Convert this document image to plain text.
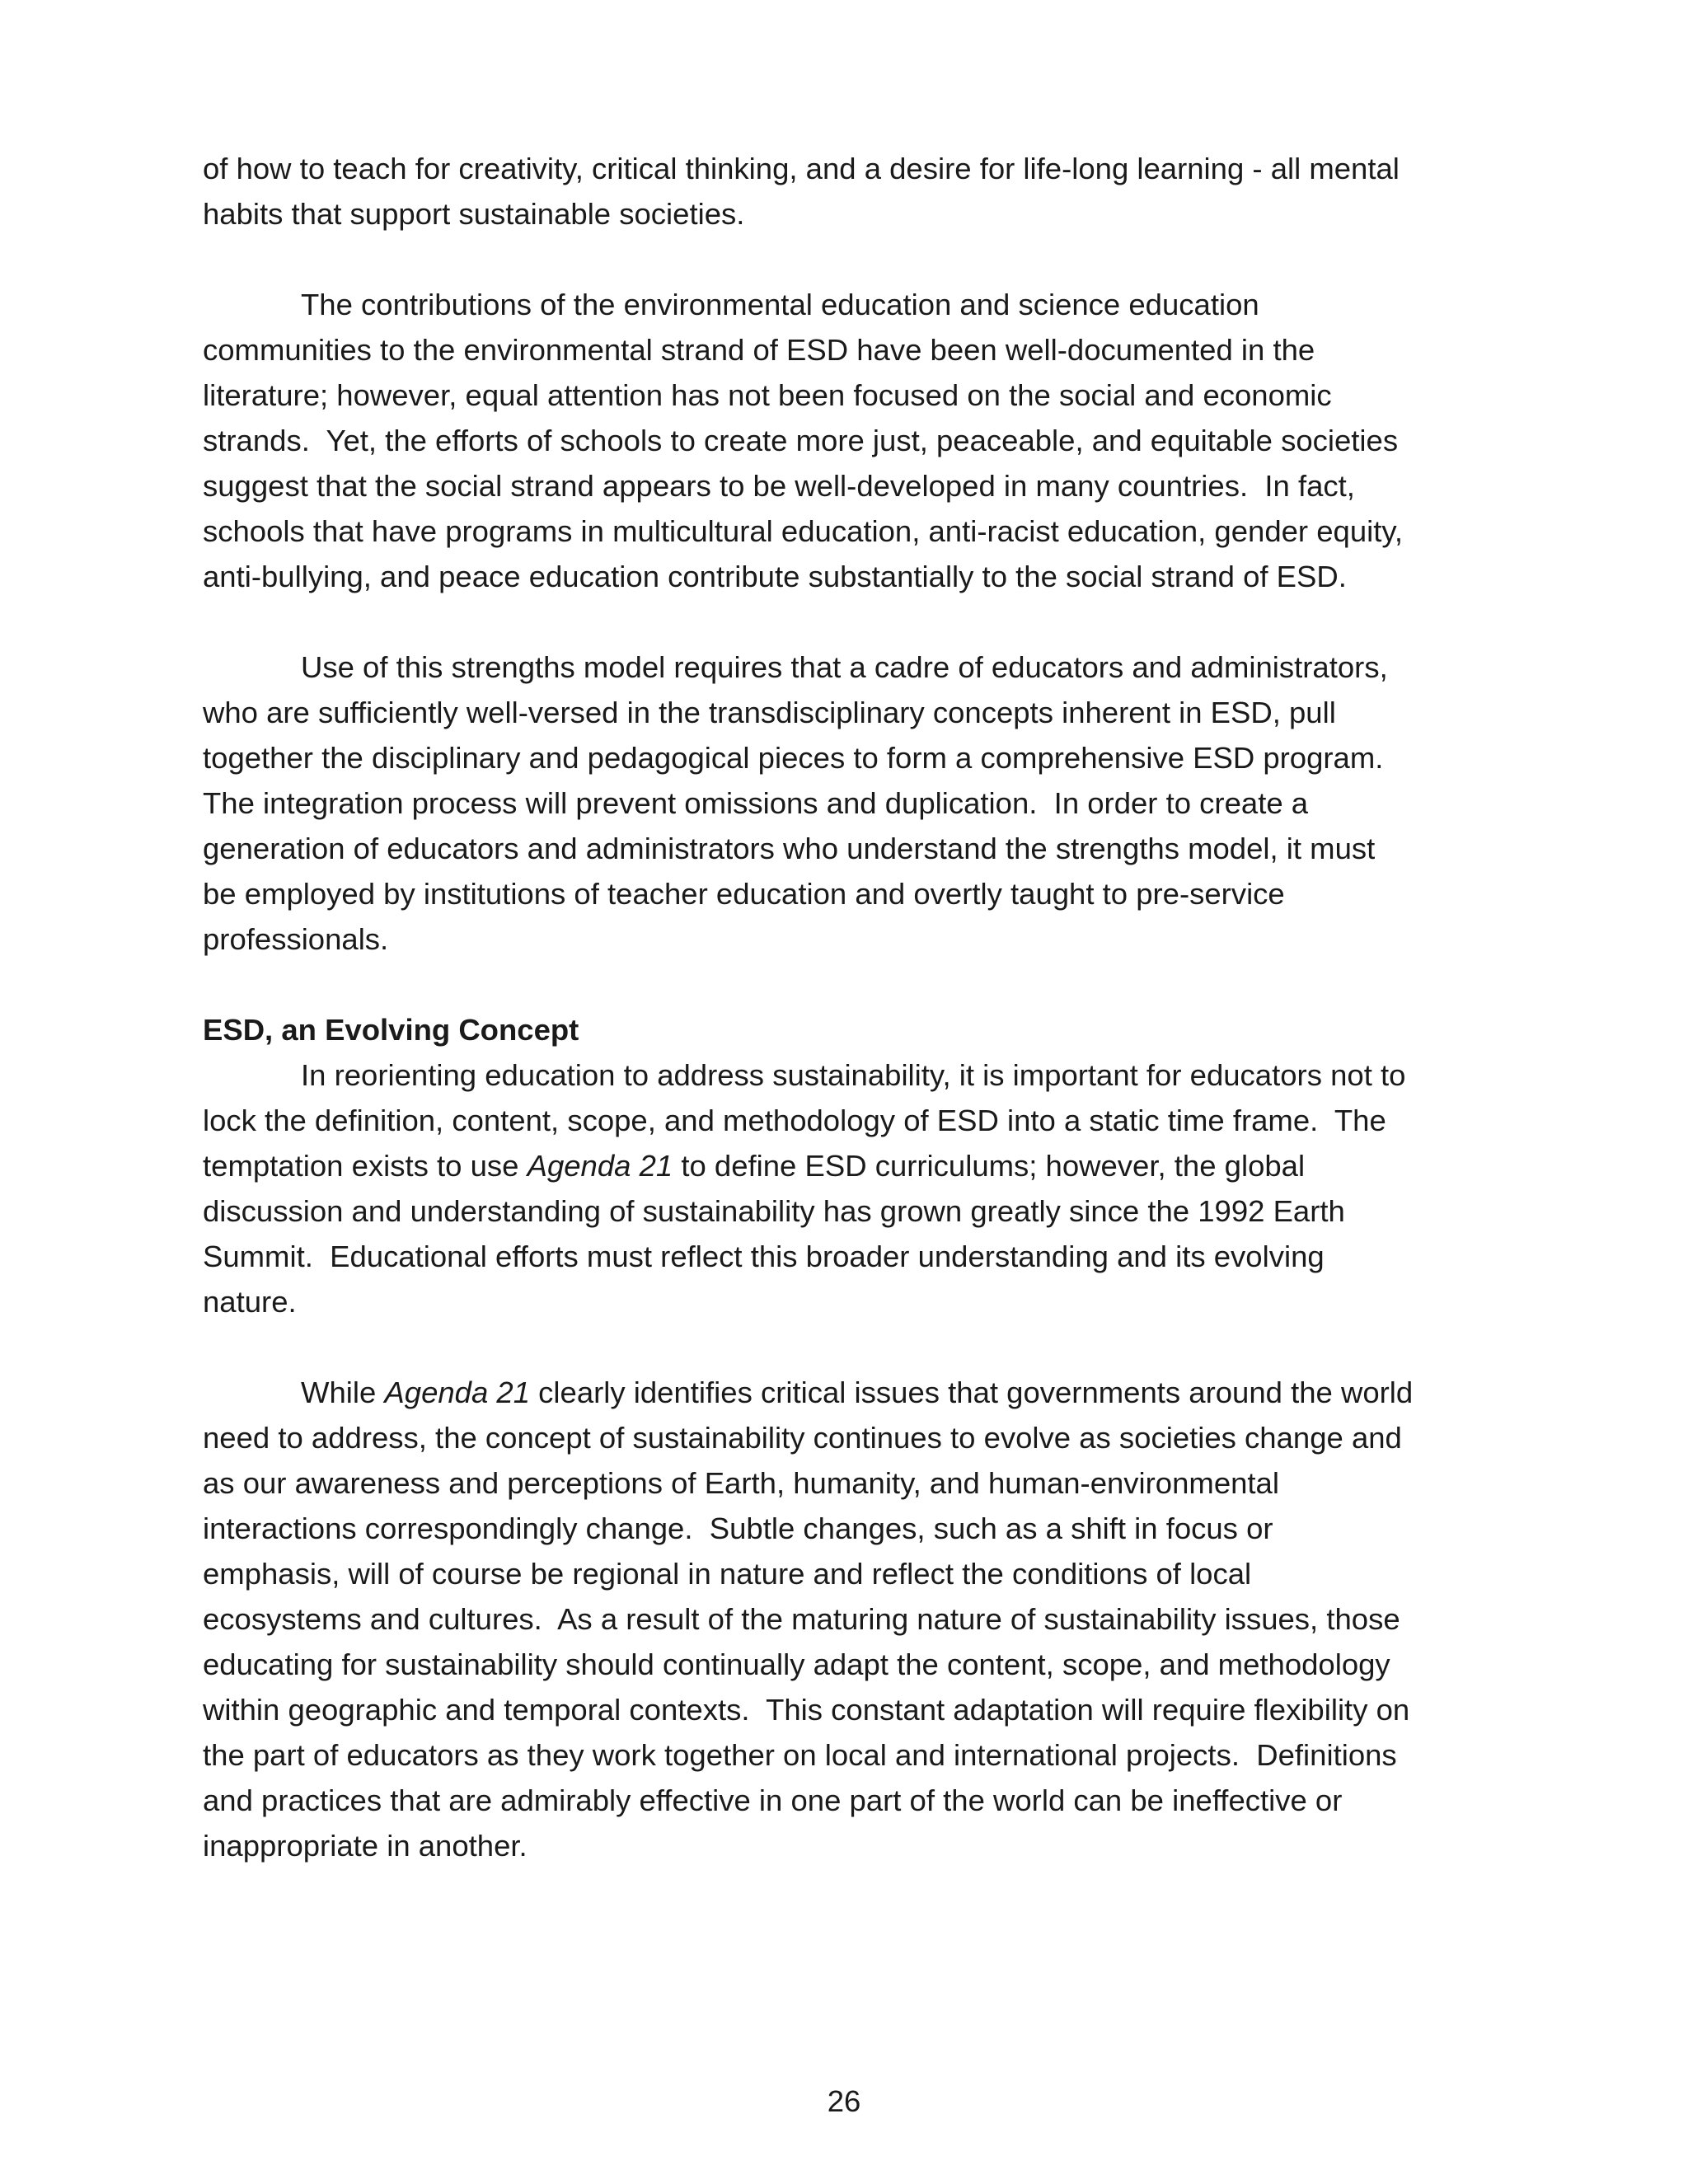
of how to teach for creativity, critical thinking, and a desire for life-long learning - all mental
habits that support sustainable societies.
The contributions of the environmental education and science education
communities to the environmental strand of ESD have been well-documented in the
literature; however, equal attention has not been focused on the social and economic
strands.  Yet, the efforts of schools to create more just, peaceable, and equitable societies
suggest that the social strand appears to be well-developed in many countries.  In fact,
schools that have programs in multicultural education, anti-racist education, gender equity,
anti-bullying, and peace education contribute substantially to the social strand of ESD.
Use of this strengths model requires that a cadre of educators and administrators,
who are sufficiently well-versed in the transdisciplinary concepts inherent in ESD, pull
together the disciplinary and pedagogical pieces to form a comprehensive ESD program.
The integration process will prevent omissions and duplication.  In order to create a
generation of educators and administrators who understand the strengths model, it must
be employed by institutions of teacher education and overtly taught to pre-service
professionals.
ESD, an Evolving Concept
In reorienting education to address sustainability, it is important for educators not to
lock the definition, content, scope, and methodology of ESD into a static time frame.  The
temptation exists to use Agenda 21 to define ESD curriculums; however, the global
discussion and understanding of sustainability has grown greatly since the 1992 Earth
Summit.  Educational efforts must reflect this broader understanding and its evolving
nature.
While Agenda 21 clearly identifies critical issues that governments around the world
need to address, the concept of sustainability continues to evolve as societies change and
as our awareness and perceptions of Earth, humanity, and human-environmental
interactions correspondingly change.  Subtle changes, such as a shift in focus or
emphasis, will of course be regional in nature and reflect the conditions of local
ecosystems and cultures.  As a result of the maturing nature of sustainability issues, those
educating for sustainability should continually adapt the content, scope, and methodology
within geographic and temporal contexts.  This constant adaptation will require flexibility on
the part of educators as they work together on local and international projects.  Definitions
and practices that are admirably effective in one part of the world can be ineffective or
inappropriate in another.
26
